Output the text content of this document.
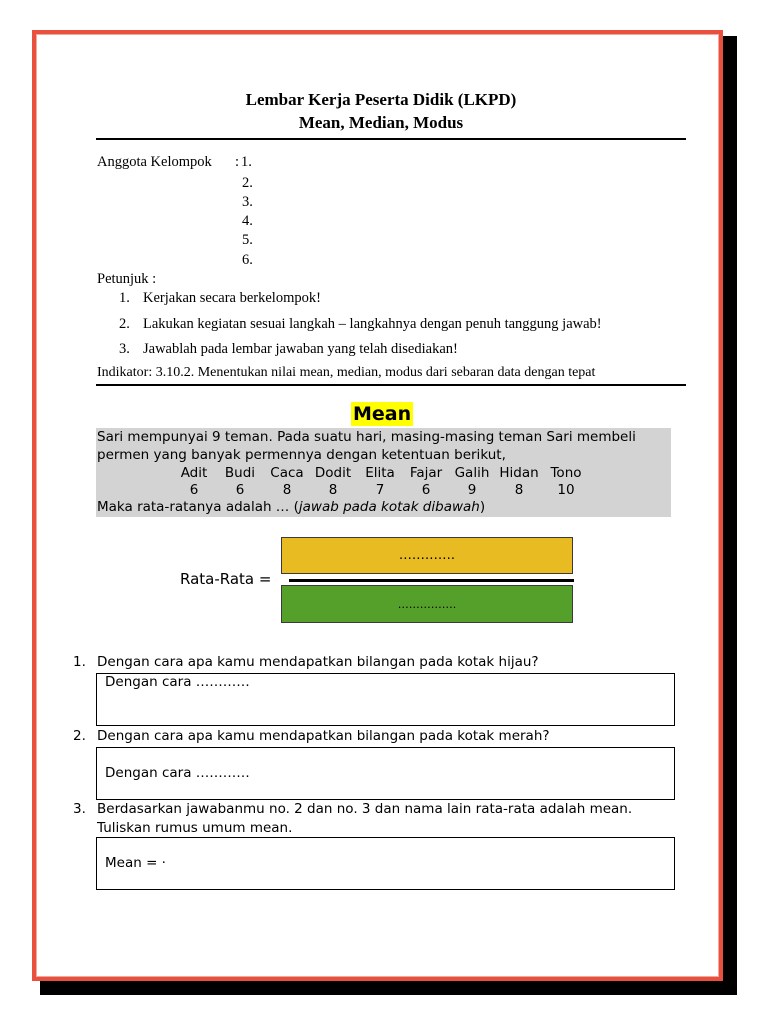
Lembar Kerja Peserta Didik (LKPD)
Mean, Median, Modus
Anggota Kelompok : 1.
2.
3.
4.
5.
6.
Petunjuk :
1. Kerjakan secara berkelompok!
2. Lakukan kegiatan sesuai langkah – langkahnya dengan penuh tanggung jawab!
3. Jawablah pada lembar jawaban yang telah disediakan!
Indikator: 3.10.2. Menentukan nilai mean, median, modus dari sebaran data dengan tepat
Mean
Sari mempunyai 9 teman. Pada suatu hari, masing-masing teman Sari membeli
permen yang banyak permennya dengan ketentuan berikut,
Adit	Budi	Caca Dodit	Elita	Fajar Galih Hidan Tono
6	6	8	8	7	6	9	8	10
Maka rata-ratanya adalah … (jawab pada kotak dibawah)
Rata-Rata =
………….
…………….
1. Dengan cara apa kamu mendapatkan bilangan pada kotak hijau?
Dengan cara …………
2. Dengan cara apa kamu mendapatkan bilangan pada kotak merah?
Dengan cara …………
3. Berdasarkan jawabanmu no. 2 dan no. 3 dan nama lain rata-rata adalah mean.
Tuliskan rumus umum mean.
Mean = ·
